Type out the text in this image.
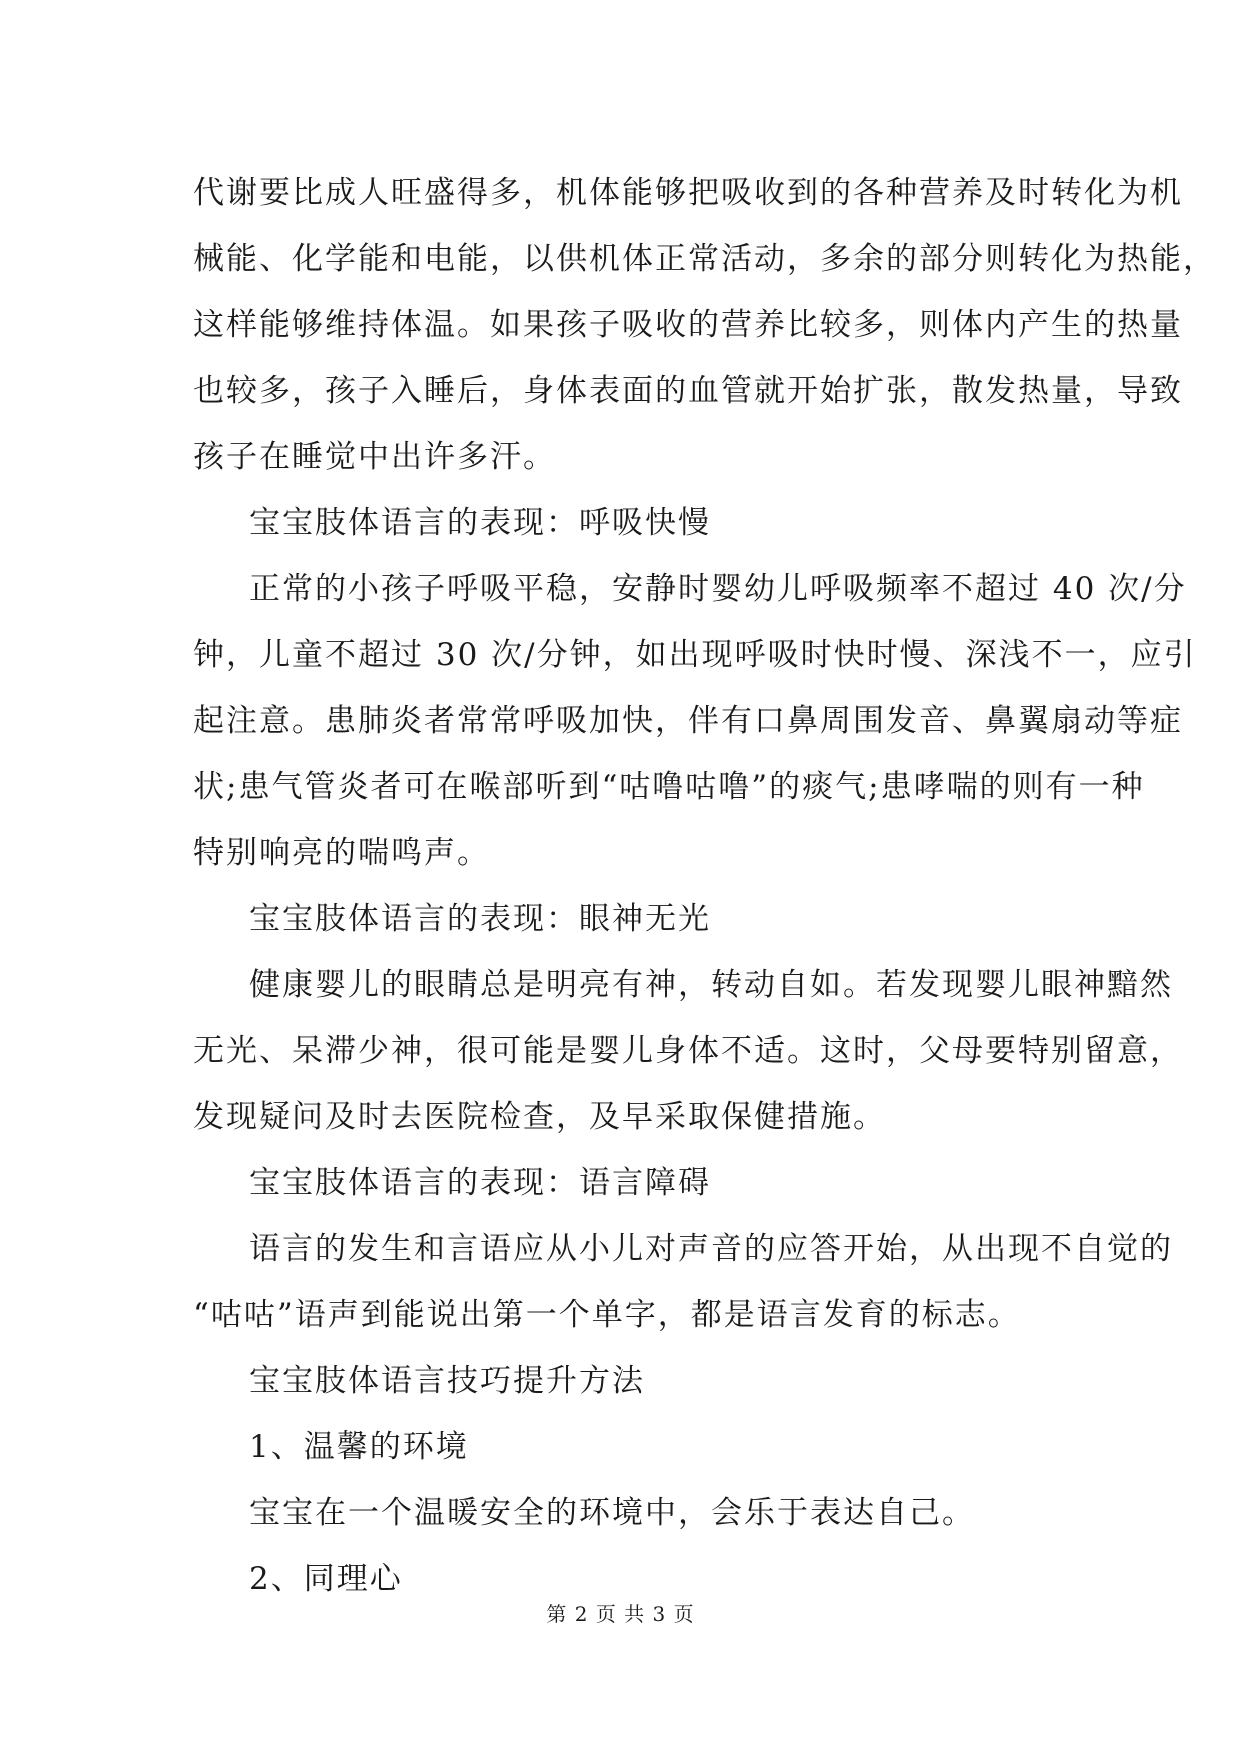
代谢要比成人旺盛得多，机体能够把吸收到的各种营养及时转化为机
械能、化学能和电能，以供机体正常活动，多余的部分则转化为热能，
这样能够维持体温。如果孩子吸收的营养比较多，则体内产生的热量
也较多，孩子入睡后，身体表面的血管就开始扩张，散发热量，导致
孩子在睡觉中出许多汗。
宝宝肢体语言的表现：呼吸快慢
正常的小孩子呼吸平稳，安静时婴幼儿呼吸频率不超过 40 次/分
钟，儿童不超过 30 次/分钟，如出现呼吸时快时慢、深浅不一，应引
起注意。患肺炎者常常呼吸加快，伴有口鼻周围发音、鼻翼扇动等症
状;患气管炎者可在喉部听到“咕噜咕噜”的痰气;患哮喘的则有一种
特别响亮的喘鸣声。
宝宝肢体语言的表现：眼神无光
健康婴儿的眼睛总是明亮有神，转动自如。若发现婴儿眼神黯然
无光、呆滞少神，很可能是婴儿身体不适。这时，父母要特别留意，
发现疑问及时去医院检查，及早采取保健措施。
宝宝肢体语言的表现：语言障碍
语言的发生和言语应从小儿对声音的应答开始，从出现不自觉的
“咕咕”语声到能说出第一个单字，都是语言发育的标志。
宝宝肢体语言技巧提升方法
1、温馨的环境
宝宝在一个温暖安全的环境中，会乐于表达自己。
2、同理心
第 2 页 共 3 页
